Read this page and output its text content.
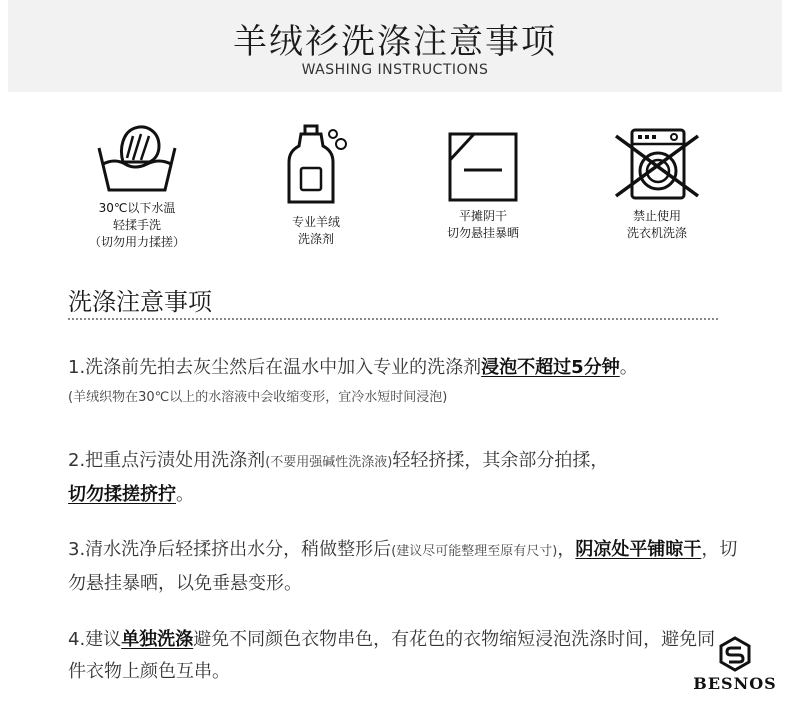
羊绒衫洗涤注意事项
WASHING INSTRUCTIONS
30℃以下水温
轻揉手洗
（切勿用力揉搓）
专业羊绒
洗涤剂
平摊阴干
切勿悬挂暴晒
禁止使用
洗衣机洗涤
洗涤注意事项
1.洗涤前先拍去灰尘然后在温水中加入专业的洗涤剂浸泡不超过5分钟。
(羊绒织物在30℃以上的水溶液中会收缩变形，宜冷水短时间浸泡)
2.把重点污渍处用洗涤剂(不要用强碱性洗涤液)轻轻挤揉，其余部分拍揉，
切勿揉搓挤拧。
3.清水洗净后轻揉挤出水分，稍做整形后(建议尽可能整理至原有尺寸)，阴凉处平铺晾干，切勿悬挂暴晒，以免垂悬变形。
4.建议单独洗涤避免不同颜色衣物串色，有花色的衣物缩短浸泡洗涤时间，避免同件衣物上颜色互串。
BESNOS
